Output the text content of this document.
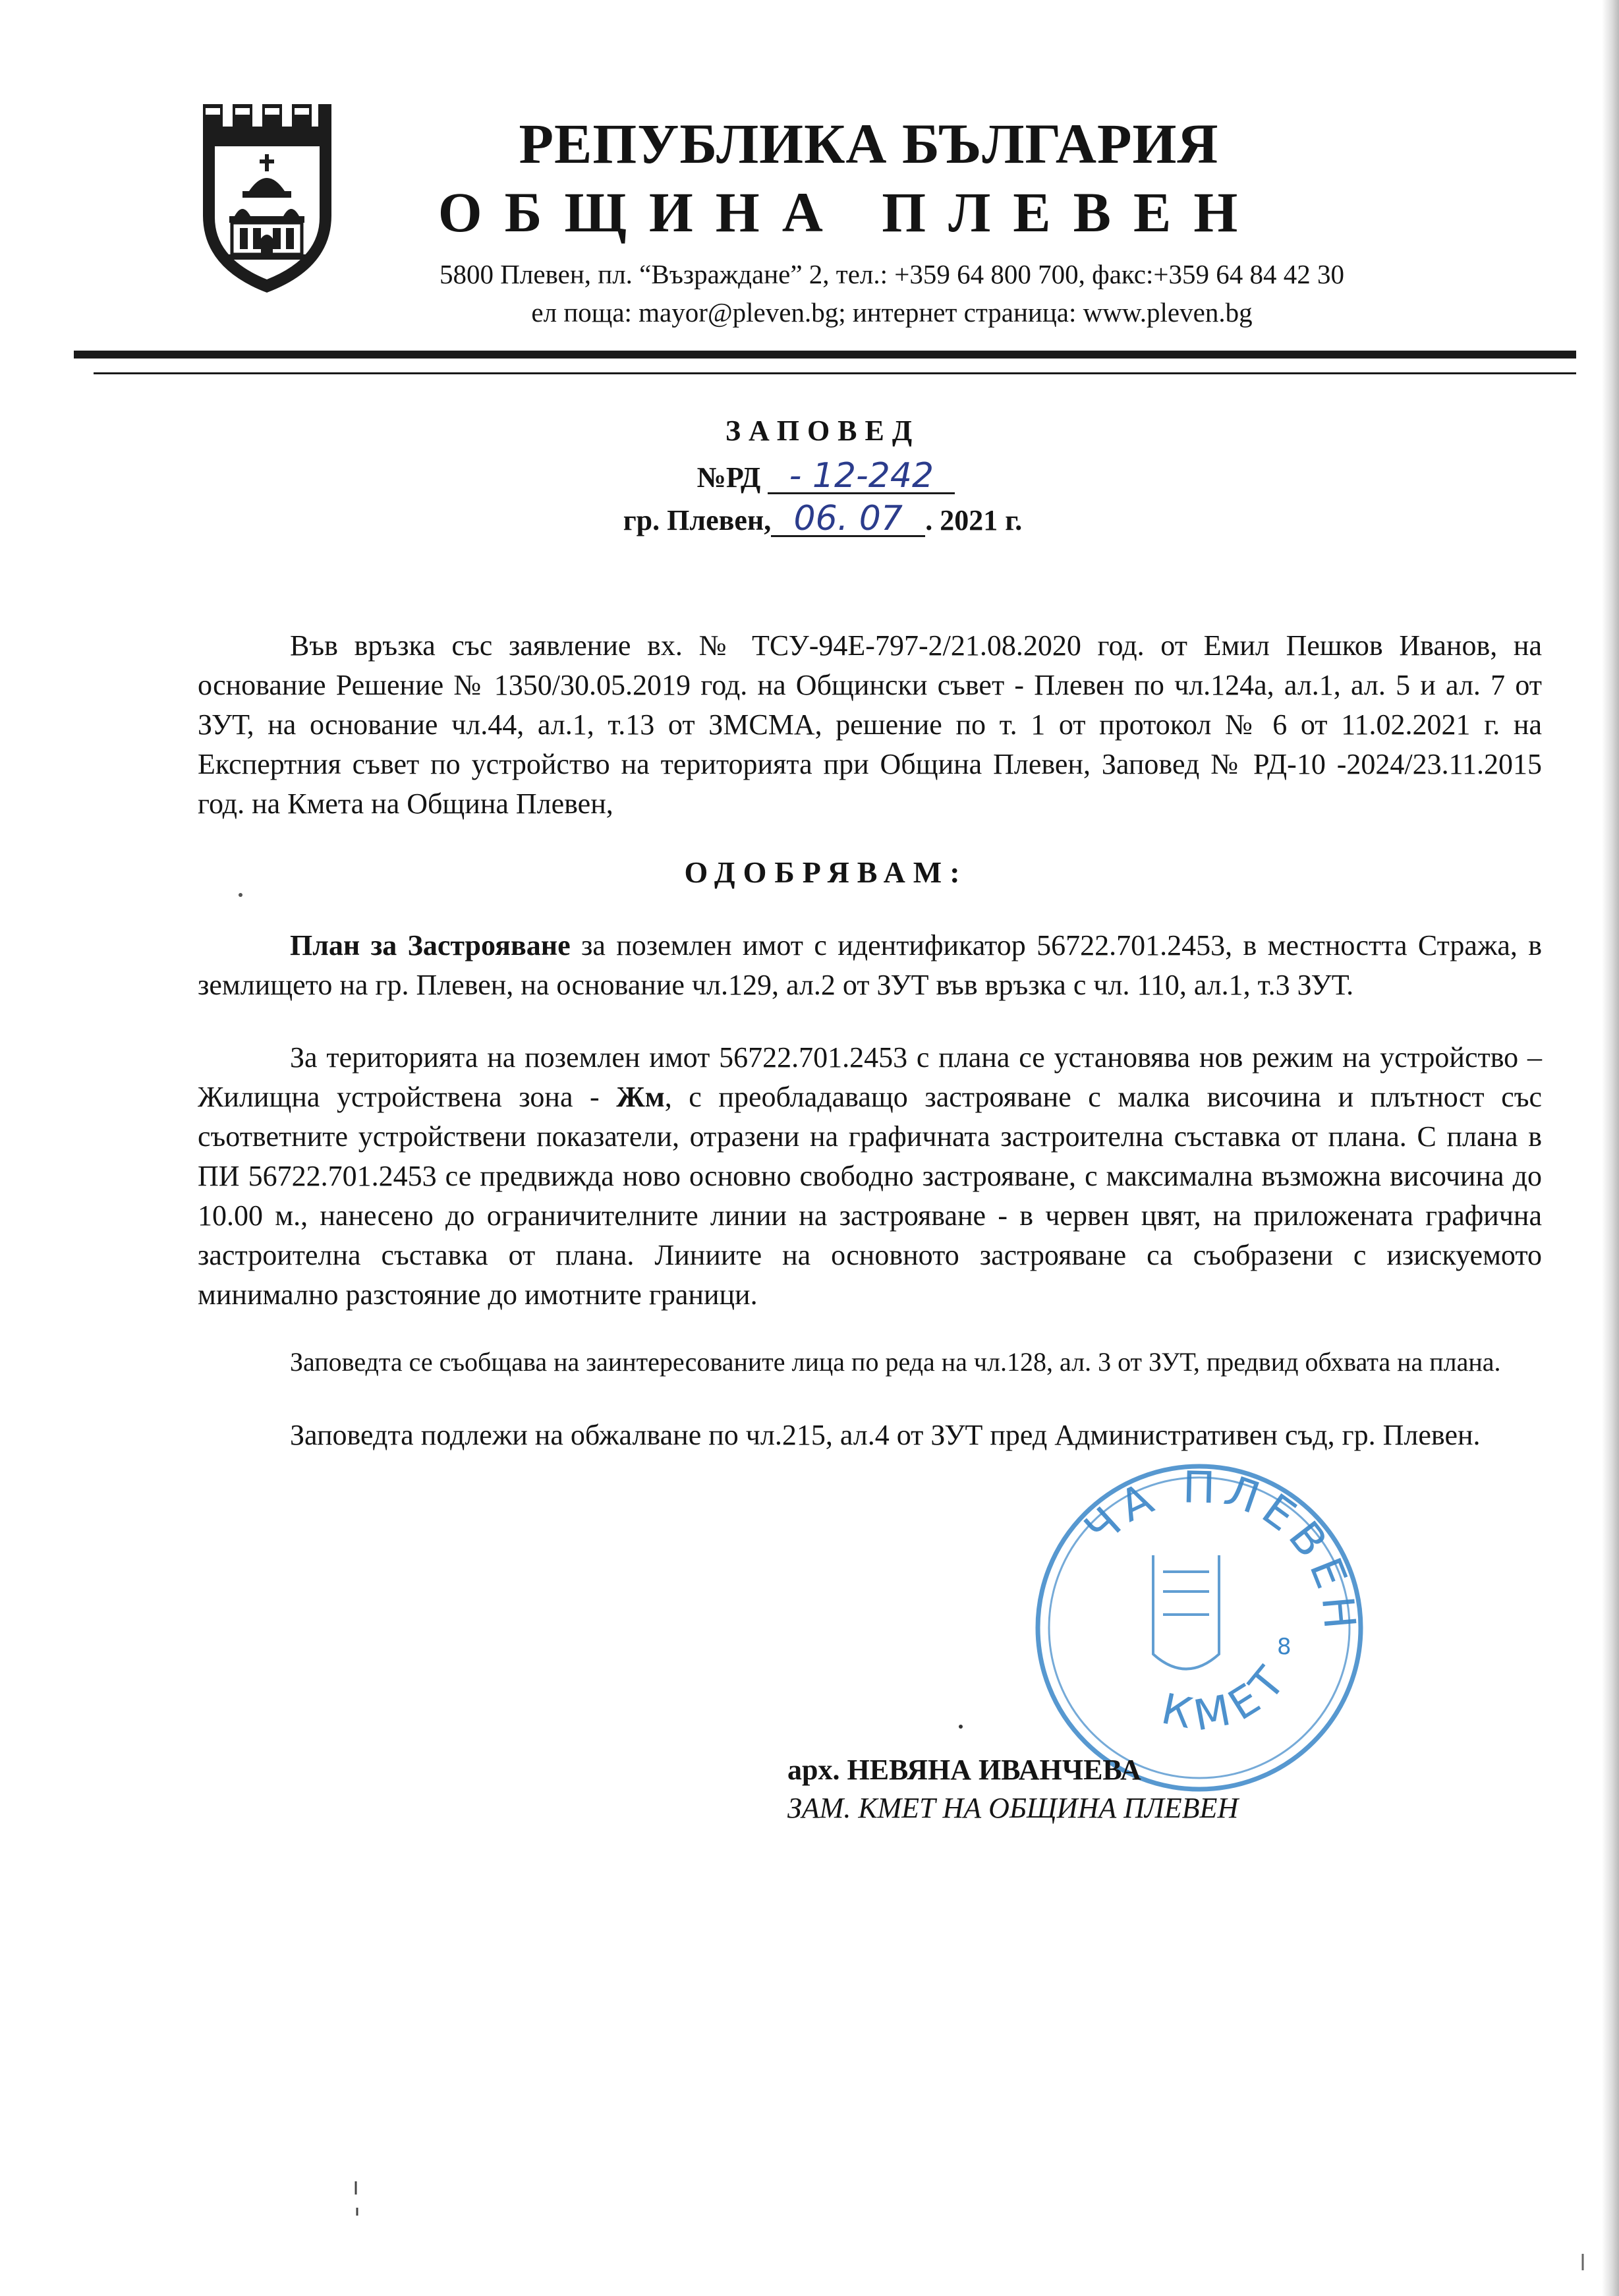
РЕПУБЛИКА БЪЛГАРИЯ
ОБЩИНА ПЛЕВЕН
5800 Плевен, пл. “Възраждане” 2, тел.: +359 64 800 700, факс:+359 64 84 42 30
ел поща: mayor@pleven.bg; интернет страница: www.pleven.bg
ЗАПОВЕД
№РД - 12-242
гр. Плевен, 06. 07 . 2021 г.
Във връзка със заявление вх. № ТСУ-94Е-797-2/21.08.2020 год. от Емил Пешков Иванов, на основание Решение № 1350/30.05.2019 год. на Общински съвет - Плевен по чл.124а, ал.1, ал. 5 и ал. 7 от ЗУТ, на основание чл.44, ал.1, т.13 от ЗМСМА, решение по т. 1 от протокол № 6 от 11.02.2021 г. на Експертния съвет по устройство на територията при Община Плевен, Заповед № РД-10 -2024/23.11.2015 год. на Кмета на Община Плевен,
ОДОБРЯВАМ:
План за Застрояване за поземлен имот с идентификатор 56722.701.2453, в местността Стража, в землището на гр. Плевен, на основание чл.129, ал.2 от ЗУТ във връзка с чл. 110, ал.1, т.3 ЗУТ.
За територията на поземлен имот 56722.701.2453 с плана се установява нов режим на устройство – Жилищна устройствена зона - Жм, с преобладаващо застрояване с малка височина и плътност със съответните устройствени показатели, отразени на графичната застроителна съставка от плана. С плана в ПИ 56722.701.2453 се предвижда ново основно свободно застрояване, с максимална възможна височина до 10.00 м., нанесено до ограничителните линии на застрояване - в червен цвят, на приложената графична застроителна съставка от плана. Линиите на основното застрояване са съобразени с изискуемото минимално разстояние до имотните граници.
Заповедта се съобщава на заинтересованите лица по реда на чл.128, ал. 3 от ЗУТ, предвид обхвата на плана.
Заповедта подлежи на обжалване по чл.215, ал.4 от ЗУТ пред Административен съд, гр. Плевен.
ЧА ПЛЕВЕН
КМЕТ
8
арх. НЕВЯНА ИВАНЧЕВА
ЗАМ. КМЕТ НА ОБЩИНА ПЛЕВЕН
